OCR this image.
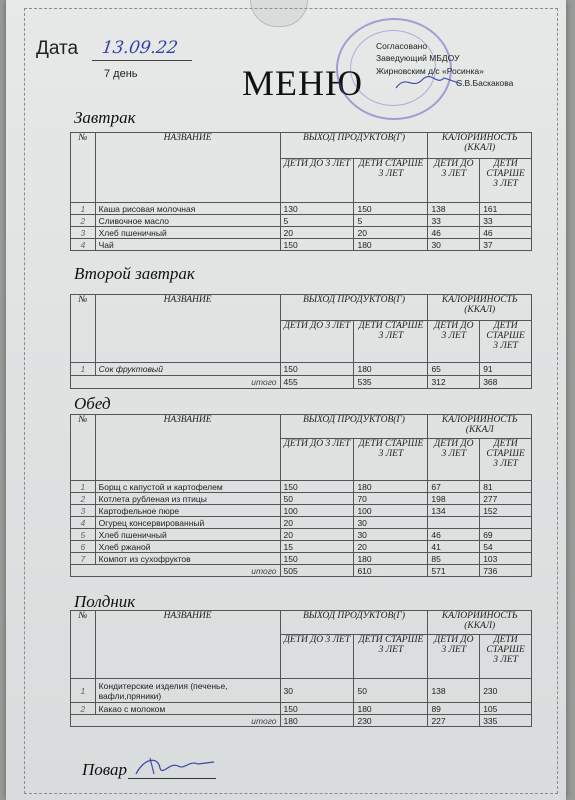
Дата 13.09.22
7 день	МЕНЮ
Согласовано
Заведующий МБДОУ
Жирновским д/с «Росинка»
С.В.Баскакова
Завтрак
№	НАЗВАНИЕ	ВЫХОД ПРОДУКТОВ(Г)		КАЛОРИЙНОСТЬ (ККАЛ)	
		ДЕТИ ДО 3 ЛЕТ	ДЕТИ СТАРШЕ 3 ЛЕТ	ДЕТИ ДО 3 ЛЕТ	ДЕТИ СТАРШЕ 3 ЛЕТ
1	Каша рисовая молочная	130	150	138	161
2	Сливочное масло	5	5	33	33
3	Хлеб пшеничный	20	20	46	46
4	Чай	150	180	30	37
Второй завтрак
№	НАЗВАНИЕ	ВЫХОД ПРОДУКТОВ(Г)		КАЛОРИЙНОСТЬ (ККАЛ)	
		ДЕТИ ДО 3 ЛЕТ	ДЕТИ СТАРШЕ 3 ЛЕТ	ДЕТИ ДО 3 ЛЕТ	ДЕТИ СТАРШЕ 3 ЛЕТ
1	Сок фруктовый	150	180	65	91
итого		455	535	312	368
Обед
№	НАЗВАНИЕ	ВЫХОД ПРОДУКТОВ(Г)		КАЛОРИЙНОСТЬ (ККАЛ	
		ДЕТИ ДО 3 ЛЕТ	ДЕТИ СТАРШЕ 3 ЛЕТ	ДЕТИ ДО 3 ЛЕТ	ДЕТИ СТАРШЕ 3 ЛЕТ
1	Борщ с капустой и картофелем	150	180	67	81
2	Котлета рубленая из птицы	50	70	198	277
3	Картофельное пюре	100	100	134	152
4	Огурец консервированный	20	30		
5	Хлеб пшеничный	20	30	46	69
6	Хлеб ржаной	15	20	41	54
7	Компот из сухофруктов	150	180	85	103
итого		505	610	571	736
Полдник
№	НАЗВАНИЕ	ВЫХОД ПРОДУКТОВ(Г)		КАЛОРИЙНОСТЬ (ККАЛ)	
		ДЕТИ ДО 3 ЛЕТ	ДЕТИ СТАРШЕ 3 ЛЕТ	ДЕТИ ДО 3 ЛЕТ	ДЕТИ СТАРШЕ 3 ЛЕТ
1	Кондитерские изделия (печенье, вафли,пряники)	30	50	138	230
2	Какао с молоком	150	180	89	105
итого		180	230	227	335
Повар
